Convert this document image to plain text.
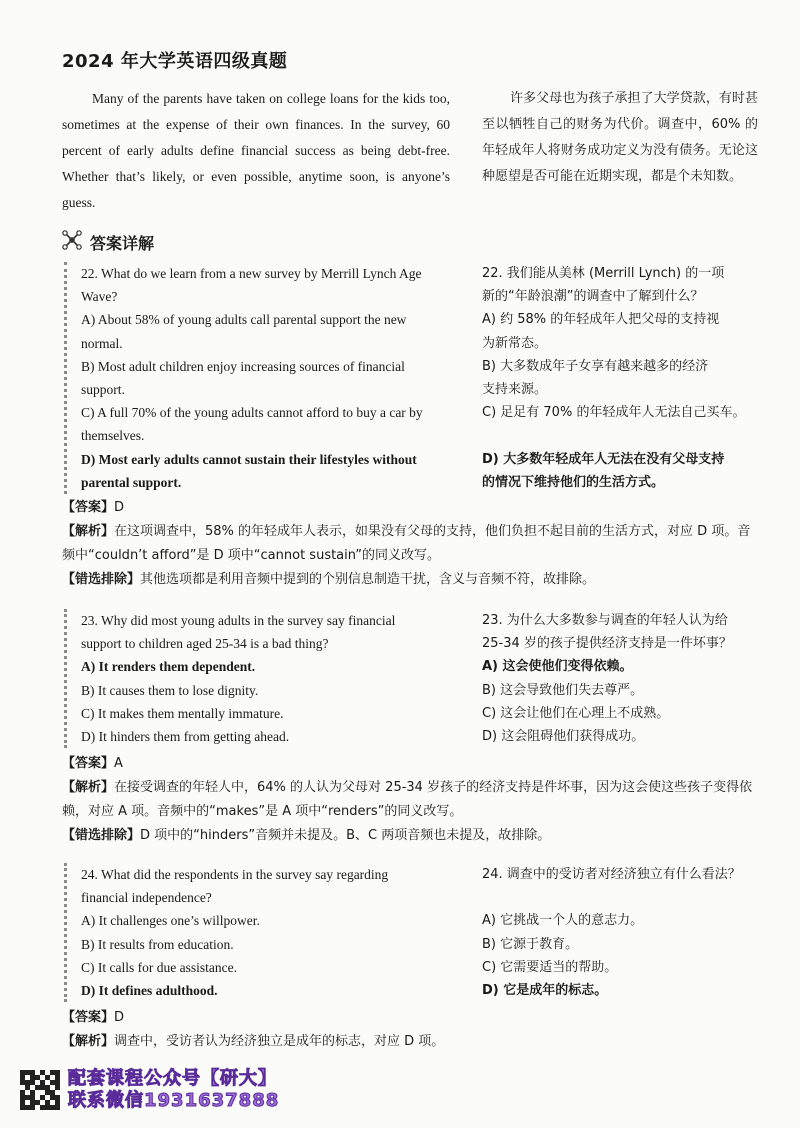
2024 年大学英语四级真题
Many of the parents have taken on college loans for the kids too, sometimes at the expense of their own finances. In the survey, 60 percent of early adults define financial success as being debt-free. Whether that’s likely, or even possible, anytime soon, is anyone’s guess.
许多父母也为孩子承担了大学贷款，有时甚至以牺牲自己的财务为代价。调查中，60% 的年轻成年人将财务成功定义为没有债务。无论这种愿望是否可能在近期实现，都是个未知数。
答案详解
22. What do we learn from a new survey by Merrill Lynch Age
Wave?
A) About 58% of young adults call parental support the new
normal.
B) Most adult children enjoy increasing sources of financial
support.
C) A full 70% of the young adults cannot afford to buy a car by
themselves.
D) Most early adults cannot sustain their lifestyles without
parental support.
22. 我们能从美林 (Merrill Lynch) 的一项
新的“年龄浪潮”的调查中了解到什么？
A) 约 58% 的年轻成年人把父母的支持视
为新常态。
B) 大多数成年子女享有越来越多的经济
支持来源。
C) 足足有 70% 的年轻成年人无法自己买车。
D) 大多数年轻成年人无法在没有父母支持
的情况下维持他们的生活方式。
【答案】D
【解析】在这项调查中，58% 的年轻成年人表示，如果没有父母的支持，他们负担不起目前的生活方式，对应 D 项。音频中“couldn’t afford”是 D 项中“cannot sustain”的同义改写。
【错选排除】其他选项都是利用音频中提到的个别信息制造干扰，含义与音频不符，故排除。
23. Why did most young adults in the survey say financial
support to children aged 25-34 is a bad thing?
A) It renders them dependent.
B) It causes them to lose dignity.
C) It makes them mentally immature.
D) It hinders them from getting ahead.
23. 为什么大多数参与调查的年轻人认为给
25-34 岁的孩子提供经济支持是一件坏事？
A) 这会使他们变得依赖。
B) 这会导致他们失去尊严。
C) 这会让他们在心理上不成熟。
D) 这会阻碍他们获得成功。
【答案】A
【解析】在接受调查的年轻人中，64% 的人认为父母对 25-34 岁孩子的经济支持是件坏事，因为这会使这些孩子变得依赖，对应 A 项。音频中的“makes”是 A 项中“renders”的同义改写。
【错选排除】D 项中的“hinders”音频并未提及。B、C 两项音频也未提及，故排除。
24. What did the respondents in the survey say regarding
financial independence?
A) It challenges one’s willpower.
B) It results from education.
C) It calls for due assistance.
D) It defines adulthood.
24. 调查中的受访者对经济独立有什么看法？
A) 它挑战一个人的意志力。
B) 它源于教育。
C) 它需要适当的帮助。
D) 它是成年的标志。
【答案】D
【解析】调查中，受访者认为经济独立是成年的标志，对应 D 项。
配套课程公众号【研大】
联系微信1931637888
